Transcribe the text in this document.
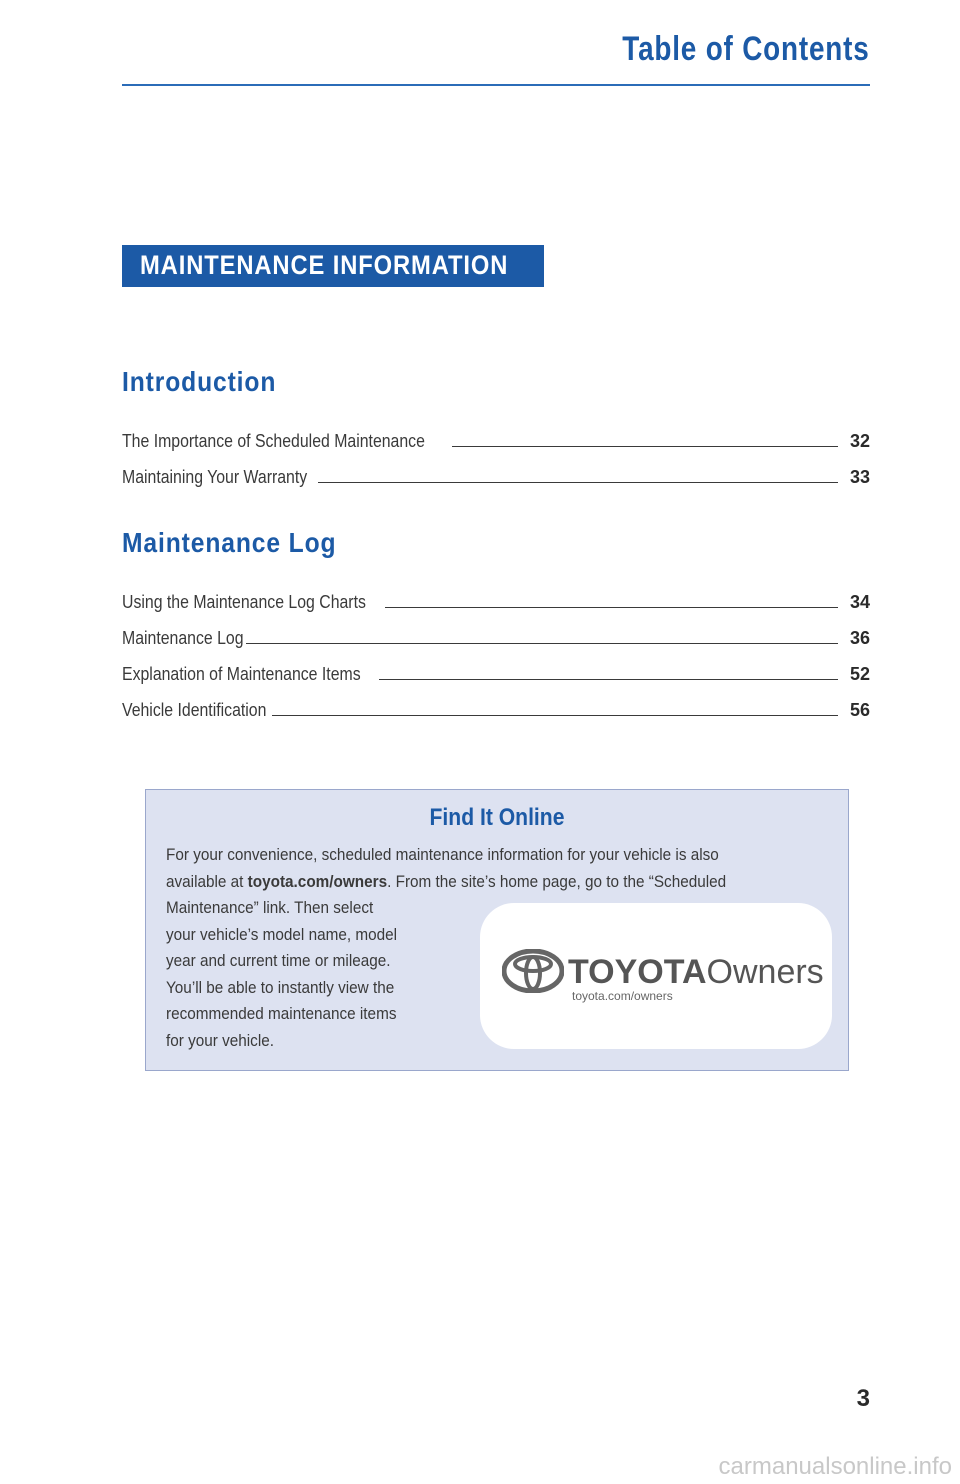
Table of Contents
MAINTENANCE INFORMATION
Introduction
The Importance of Scheduled Maintenance	32
Maintaining Your Warranty	33
Maintenance Log
Using the Maintenance Log Charts	34
Maintenance Log	36
Explanation of Maintenance Items	52
Vehicle Identification	56
Find It Online
For your convenience, scheduled maintenance information for your vehicle is also
available at toyota.com/owners. From the site’s home page, go to the “Scheduled
Maintenance” link. Then select
your vehicle’s model name, model
year and current time or mileage.
You’ll be able to instantly view the
recommended maintenance items
for your vehicle.
TOYOTAOwners
toyota.com/owners
3
carmanualsonline.info
